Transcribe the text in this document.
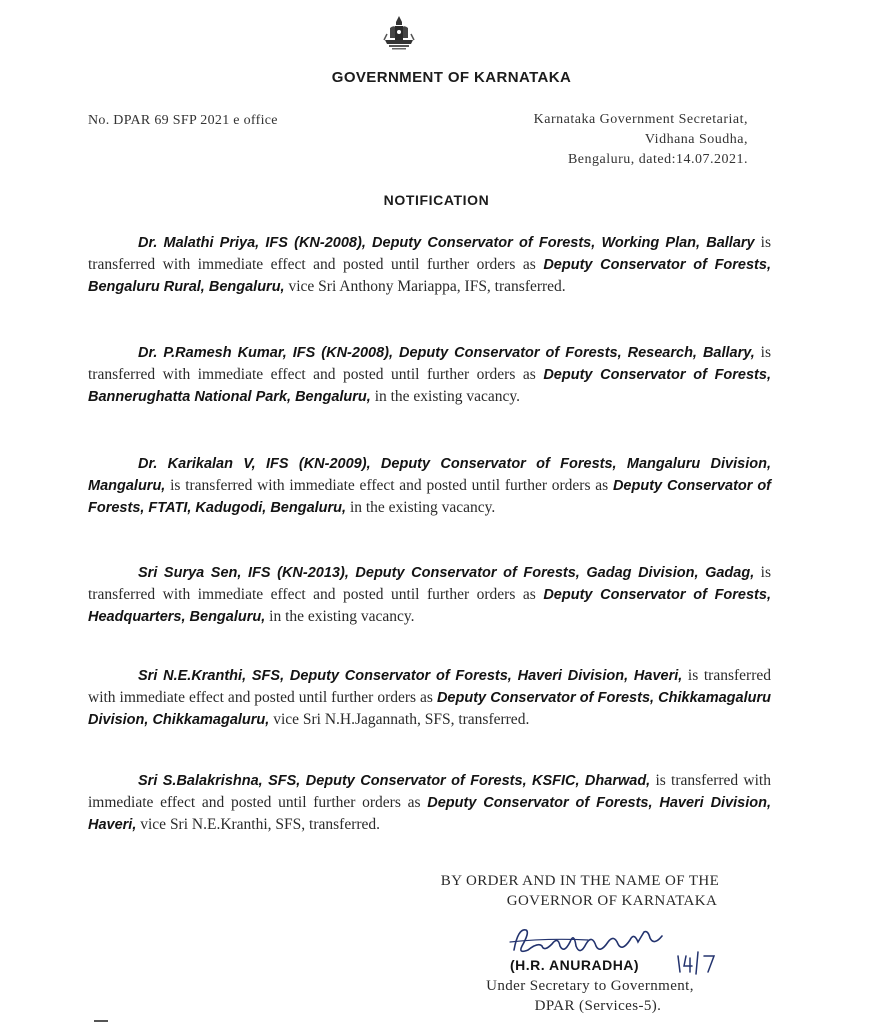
GOVERNMENT OF KARNATAKA
No. DPAR 69 SFP 2021 e office	Karnataka Government Secretariat,
Vidhana Soudha,
Bengaluru, dated:14.07.2021.
NOTIFICATION

Dr. Malathi Priya, IFS (KN-2008), Deputy Conservator of Forests, Working Plan, Ballary is transferred with immediate effect and posted until further orders as Deputy Conservator of Forests, Bengaluru Rural, Bengaluru, vice Sri Anthony Mariappa, IFS, transferred.

Dr. P.Ramesh Kumar, IFS (KN-2008), Deputy Conservator of Forests, Research, Ballary, is transferred with immediate effect and posted until further orders as Deputy Conservator of Forests, Bannerughatta National Park, Bengaluru, in the existing vacancy.

Dr. Karikalan V, IFS (KN-2009), Deputy Conservator of Forests, Mangaluru Division, Mangaluru, is transferred with immediate effect and posted until further orders as Deputy Conservator of Forests, FTATI, Kadugodi, Bengaluru, in the existing vacancy.

Sri Surya Sen, IFS (KN-2013), Deputy Conservator of Forests, Gadag Division, Gadag, is transferred with immediate effect and posted until further orders as Deputy Conservator of Forests, Headquarters, Bengaluru, in the existing vacancy.

Sri N.E.Kranthi, SFS, Deputy Conservator of Forests, Haveri Division, Haveri, is transferred with immediate effect and posted until further orders as Deputy Conservator of Forests, Chikkamagaluru Division, Chikkamagaluru, vice Sri N.H.Jagannath, SFS, transferred.

Sri S.Balakrishna, SFS, Deputy Conservator of Forests, KSFIC, Dharwad, is transferred with immediate effect and posted until further orders as Deputy Conservator of Forests, Haveri Division, Haveri, vice Sri N.E.Kranthi, SFS, transferred.

BY ORDER AND IN THE NAME OF THE
GOVERNOR OF KARNATAKA
(H.R. ANURADHA)
Under Secretary to Government,
DPAR (Services-5).
